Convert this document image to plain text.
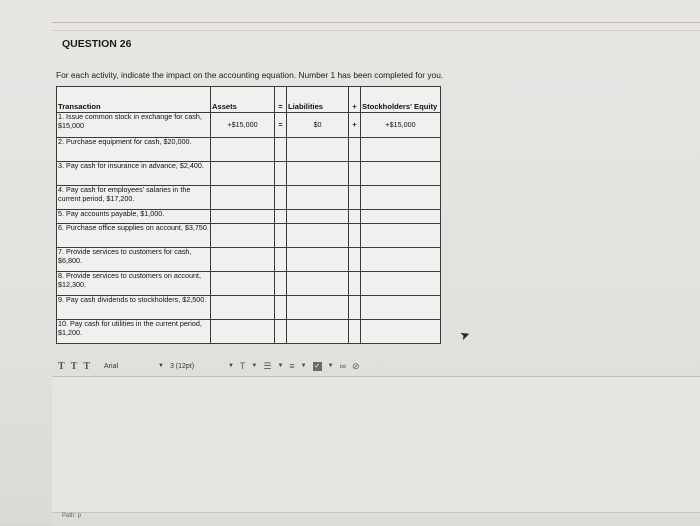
QUESTION 26
For each activity, indicate the impact on the accounting equation. Number 1 has been completed for you.
Transaction	Assets	=	Liabilities	+	Stockholders' Equity
1. Issue common stock in exchange for cash, $15,000	+$15,000	=	$0	+	+$15,000
2. Purchase equipment for cash, $20,000.					
3. Pay cash for insurance in advance, $2,400.					
4. Pay cash for employees' salaries in the current period, $17,200.					
5. Pay accounts payable, $1,000.					
6. Purchase office supplies on account, $3,750.					
7. Provide services to customers for cash, $6,800.					
8. Provide services to customers on account, $12,300.					
9. Pay cash dividends to stockholders, $2,500.					
10. Pay cash for utilities in the current period, $1,200.					
T T T Arial	▼ 3 (12pt)	▼ T ▼ ☰ ▼ ≡ ▼ ✓ ▼ ∞ ⊘
Path: p
➤
